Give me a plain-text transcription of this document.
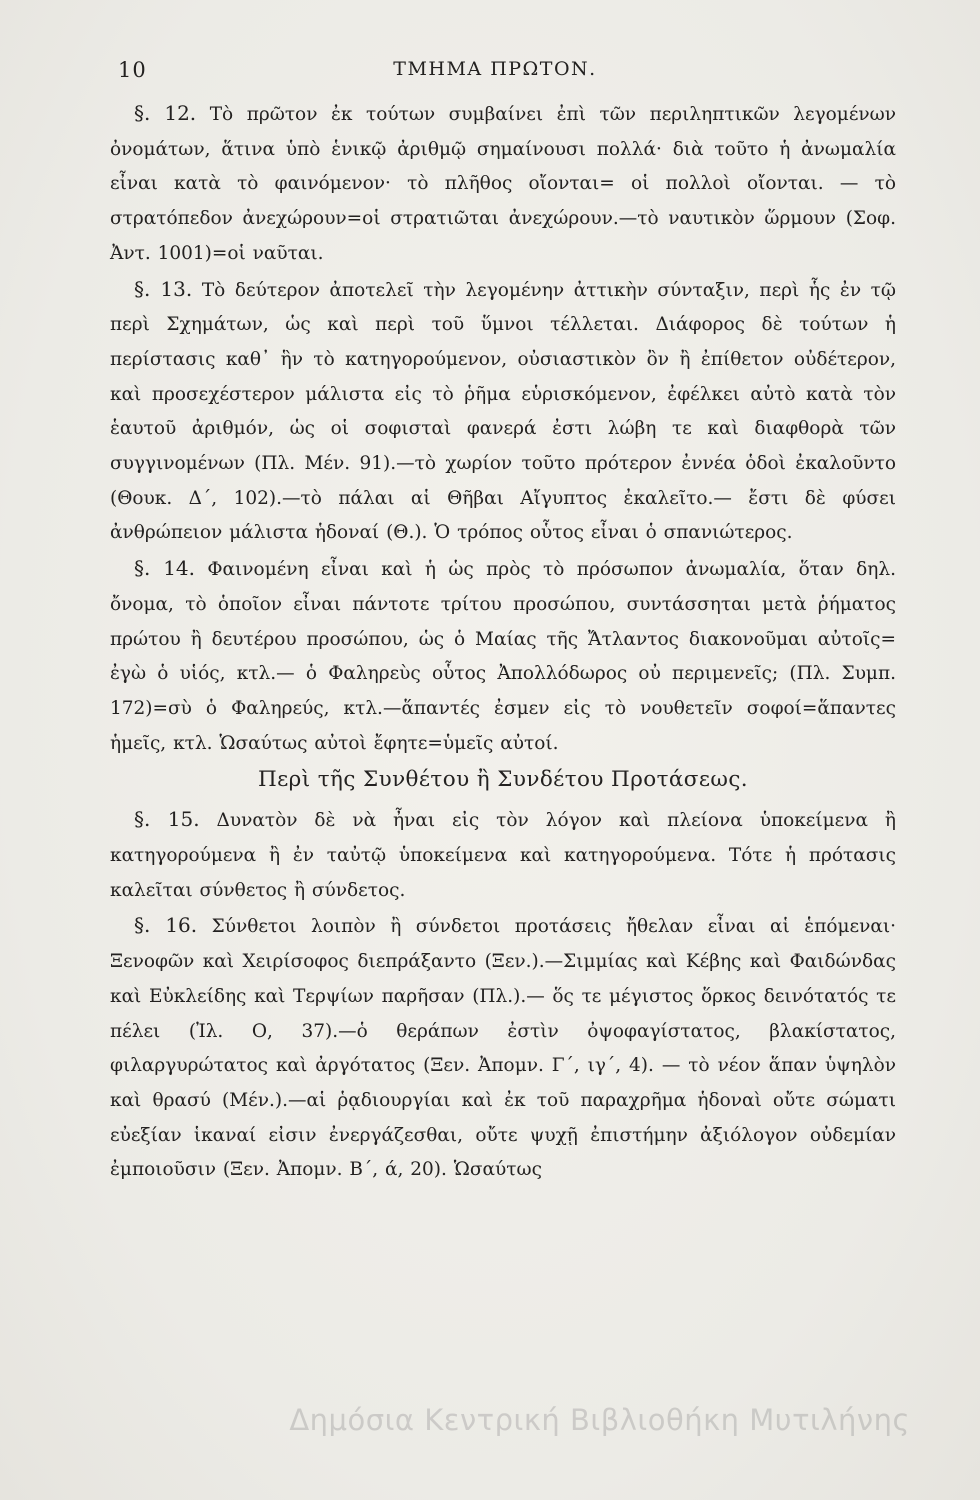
10	ΤΜΗΜΑ ΠΡΩΤΟΝ.

§. 12. Τὸ πρῶτον ἐκ τούτων συμβαίνει ἐπὶ τῶν περιληπτικῶν λεγομένων ὀνομάτων, ἅτινα ὑπὸ ἑνικῷ ἀριθμῷ σημαίνουσι πολλά· διὰ τοῦτο ἡ ἀνωμαλία εἶναι κατὰ τὸ φαινόμενον· τὸ πλῆθος οἴονται= οἱ πολλοὶ οἴονται. — τὸ στρατόπεδον ἀνεχώρουν=οἱ στρατιῶται ἀνεχώρουν.—τὸ ναυτικὸν ὥρμουν (Σοφ. Ἀντ. 1001)=οἱ ναῦται.

§. 13. Τὸ δεύτερον ἀποτελεῖ τὴν λεγομένην ἀττικὴν σύνταξιν, περὶ ἧς ἐν τῷ περὶ Σχημάτων, ὡς καὶ περὶ τοῦ ὕμνοι τέλλεται. Διάφορος δὲ τούτων ἡ περίστασις καθ᾽ ἣν τὸ κατηγορούμενον, οὐσιαστικὸν ὂν ἢ ἐπίθετον οὐδέτερον, καὶ προσεχέστερον μάλιστα εἰς τὸ ῥῆμα εὑρισκόμενον, ἐφέλκει αὐτὸ κατὰ τὸν ἑαυτοῦ ἀριθμόν, ὡς οἱ σοφισταὶ φανερά ἐστι λώβη τε καὶ διαφθορὰ τῶν συγγινομένων (Πλ. Μέν. 91).—τὸ χωρίον τοῦτο πρότερον ἐννέα ὁδοὶ ἐκαλοῦντο (Θουκ. Δ´, 102).—τὸ πάλαι αἱ Θῆβαι Αἴγυπτος ἐκαλεῖτο.— ἔστι δὲ φύσει ἀνθρώπειον μάλιστα ἡδοναί (Θ.). Ὁ τρόπος οὗτος εἶναι ὁ σπανιώτερος.

§. 14. Φαινομένη εἶναι καὶ ἡ ὡς πρὸς τὸ πρόσωπον ἀνωμαλία, ὅταν δηλ. ὄνομα, τὸ ὁποῖον εἶναι πάντοτε τρίτου προσώπου, συντάσσηται μετὰ ῥήματος πρώτου ἢ δευτέρου προσώπου, ὡς ὁ Μαίας τῆς Ἄτλαντος διακονοῦμαι αὐτοῖς= ἐγὼ ὁ υἱός, κτλ.— ὁ Φαληρεὺς οὗτος Ἀπολλόδωρος οὐ περιμενεῖς; (Πλ. Συμπ. 172)=σὺ ὁ Φαληρεύς, κτλ.—ἅπαντές ἐσμεν εἰς τὸ νουθετεῖν σοφοί=ἅπαντες ἡμεῖς, κτλ. Ὡσαύτως αὐτοὶ ἔφητε=ὑμεῖς αὐτοί.

Περὶ τῆς Συνθέτου ἢ Συνδέτου Προτάσεως.

§. 15. Δυνατὸν δὲ νὰ ἦναι εἰς τὸν λόγον καὶ πλείονα ὑποκείμενα ἢ κατηγορούμενα ἢ ἐν ταὐτῷ ὑποκείμενα καὶ κατηγορούμενα. Τότε ἡ πρότασις καλεῖται σύνθετος ἢ σύνδετος.

§. 16. Σύνθετοι λοιπὸν ἢ σύνδετοι προτάσεις ἤθελαν εἶναι αἱ ἑπόμεναι· Ξενοφῶν καὶ Χειρίσοφος διεπράξαντο (Ξεν.).—Σιμμίας καὶ Κέβης καὶ Φαιδώνδας καὶ Εὐκλείδης καὶ Τερψίων παρῆσαν (Πλ.).— ὅς τε μέγιστος ὅρκος δεινότατός τε πέλει (Ἰλ. Ο, 37).—ὁ θεράπων ἐστὶν ὀψοφαγίστατος, βλακίστατος, φιλαργυρώτατος καὶ ἀργότατος (Ξεν. Ἀπομν. Γ´, ιγ´, 4). — τὸ νέον ἅπαν ὑψηλὸν καὶ θρασύ (Μέν.).—αἱ ῥᾳδιουργίαι καὶ ἐκ τοῦ παραχρῆμα ἡδοναὶ οὔτε σώματι εὐεξίαν ἱκαναί εἰσιν ἐνεργάζεσθαι, οὔτε ψυχῇ ἐπιστήμην ἀξιόλογον οὐδεμίαν ἐμποιοῦσιν (Ξεν. Ἀπομν. Β´, ά, 20). Ὡσαύτως

Δημόσια Κεντρική Βιβλιοθήκη Μυτιλήνης
